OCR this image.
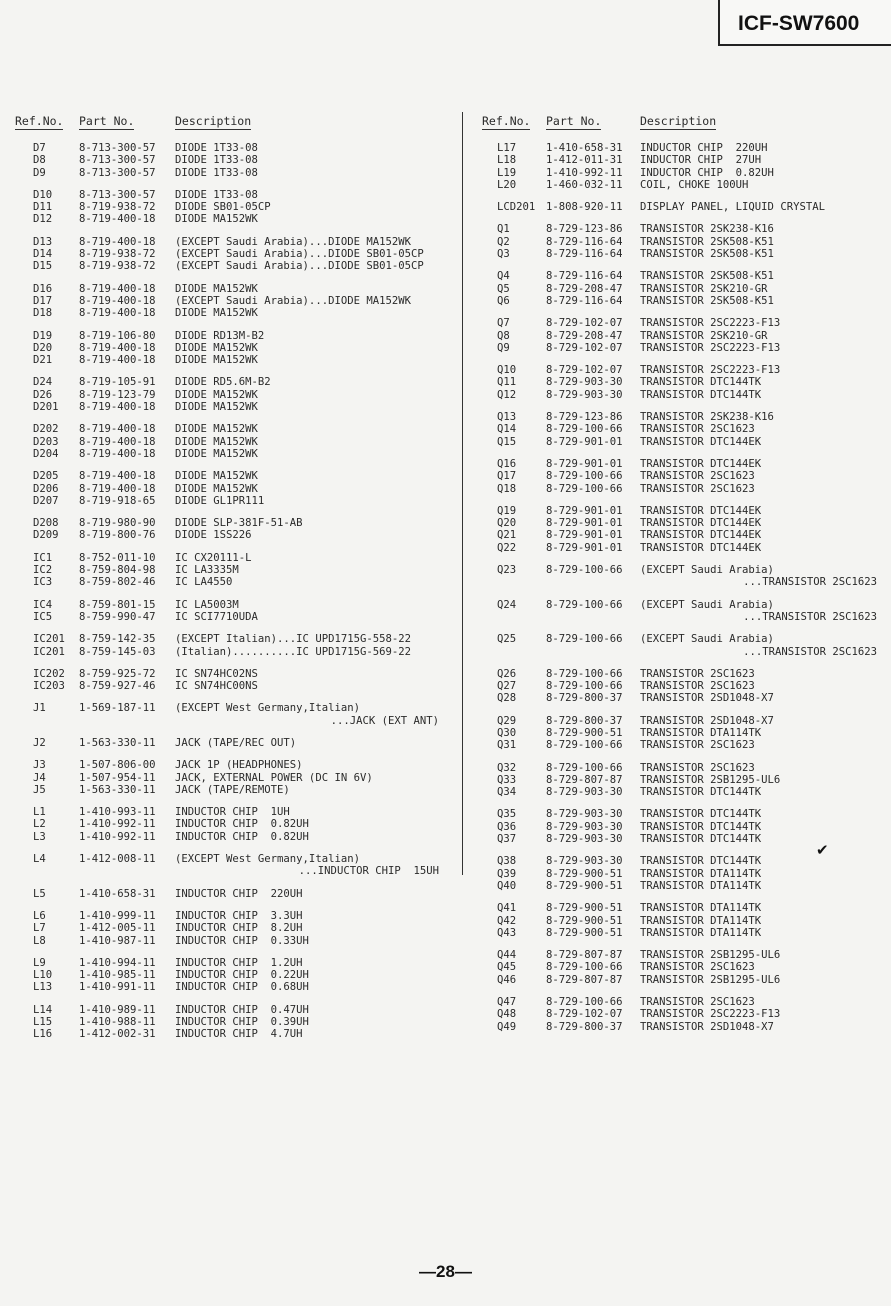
ICF-SW7600
Ref.No. Part No.	Description
D7	8-713-300-57 DIODE 1T33-08
D8	8-713-300-57 DIODE 1T33-08
D9	8-713-300-57 DIODE 1T33-08
D10	8-713-300-57 DIODE 1T33-08
D11	8-719-938-72 DIODE SB01-05CP
D12	8-719-400-18 DIODE MA152WK
D13	8-719-400-18 (EXCEPT Saudi Arabia)...DIODE MA152WK
D14	8-719-938-72 (EXCEPT Saudi Arabia)...DIODE SB01-05CP
D15	8-719-938-72 (EXCEPT Saudi Arabia)...DIODE SB01-05CP
D16	8-719-400-18 DIODE MA152WK
D17	8-719-400-18 (EXCEPT Saudi Arabia)...DIODE MA152WK
D18	8-719-400-18 DIODE MA152WK
D19	8-719-106-80 DIODE RD13M-B2
D20	8-719-400-18 DIODE MA152WK
D21	8-719-400-18 DIODE MA152WK
D24	8-719-105-91 DIODE RD5.6M-B2
D26	8-719-123-79 DIODE MA152WK
D201 8-719-400-18 DIODE MA152WK
D202 8-719-400-18 DIODE MA152WK
D203 8-719-400-18 DIODE MA152WK
D204 8-719-400-18 DIODE MA152WK
D205 8-719-400-18 DIODE MA152WK
D206 8-719-400-18 DIODE MA152WK
D207 8-719-918-65 DIODE GL1PR111
D208 8-719-980-90 DIODE SLP-381F-51-AB
D209 8-719-800-76 DIODE 1SS226
IC1	8-752-011-10 IC CX20111-L
IC2	8-759-804-98 IC LA3335M
IC3	8-759-802-46 IC LA4550
IC4	8-759-801-15 IC LA5003M
IC5	8-759-990-47 IC SCI7710UDA
IC201 8-759-142-35 (EXCEPT Italian)...IC UPD1715G-558-22
IC201 8-759-145-03 (Italian)..........IC UPD1715G-569-22
IC202 8-759-925-72 IC SN74HC02NS
IC203 8-759-927-46 IC SN74HC00NS
J1	1-569-187-11 (EXCEPT West Germany,Italian)
...JACK (EXT ANT)
J2	1-563-330-11 JACK (TAPE/REC OUT)
J3	1-507-806-00 JACK 1P (HEADPHONES)
J4	1-507-954-11 JACK, EXTERNAL POWER (DC IN 6V)
J5	1-563-330-11 JACK (TAPE/REMOTE)
L1	1-410-993-11 INDUCTOR CHIP  1UH
L2	1-410-992-11 INDUCTOR CHIP  0.82UH
L3	1-410-992-11 INDUCTOR CHIP  0.82UH
L4	1-412-008-11 (EXCEPT West Germany,Italian)
...INDUCTOR CHIP  15UH
L5	1-410-658-31 INDUCTOR CHIP  220UH
L6	1-410-999-11 INDUCTOR CHIP  3.3UH
L7	1-412-005-11 INDUCTOR CHIP  8.2UH
L8	1-410-987-11 INDUCTOR CHIP  0.33UH
L9	1-410-994-11 INDUCTOR CHIP  1.2UH
L10	1-410-985-11 INDUCTOR CHIP  0.22UH
L13	1-410-991-11 INDUCTOR CHIP  0.68UH
L14	1-410-989-11 INDUCTOR CHIP  0.47UH
L15	1-410-988-11 INDUCTOR CHIP  0.39UH
L16	1-412-002-31 INDUCTOR CHIP  4.7UH
Ref.No. Part No.	Description
L17	1-410-658-31 INDUCTOR CHIP  220UH
L18	1-412-011-31 INDUCTOR CHIP  27UH
L19	1-410-992-11 INDUCTOR CHIP  0.82UH
L20	1-460-032-11 COIL, CHOKE 100UH
LCD201 1-808-920-11 DISPLAY PANEL, LIQUID CRYSTAL
Q1	8-729-123-86 TRANSISTOR 2SK238-K16
Q2	8-729-116-64 TRANSISTOR 2SK508-K51
Q3	8-729-116-64 TRANSISTOR 2SK508-K51
Q4	8-729-116-64 TRANSISTOR 2SK508-K51
Q5	8-729-208-47 TRANSISTOR 2SK210-GR
Q6	8-729-116-64 TRANSISTOR 2SK508-K51
Q7	8-729-102-07 TRANSISTOR 2SC2223-F13
Q8	8-729-208-47 TRANSISTOR 2SK210-GR
Q9	8-729-102-07 TRANSISTOR 2SC2223-F13
Q10	8-729-102-07 TRANSISTOR 2SC2223-F13
Q11	8-729-903-30 TRANSISTOR DTC144TK
Q12	8-729-903-30 TRANSISTOR DTC144TK
Q13	8-729-123-86 TRANSISTOR 2SK238-K16
Q14	8-729-100-66 TRANSISTOR 2SC1623
Q15	8-729-901-01 TRANSISTOR DTC144EK
Q16	8-729-901-01 TRANSISTOR DTC144EK
Q17	8-729-100-66 TRANSISTOR 2SC1623
Q18	8-729-100-66 TRANSISTOR 2SC1623
Q19	8-729-901-01 TRANSISTOR DTC144EK
Q20	8-729-901-01 TRANSISTOR DTC144EK
Q21	8-729-901-01 TRANSISTOR DTC144EK
Q22	8-729-901-01 TRANSISTOR DTC144EK
Q23	8-729-100-66 (EXCEPT Saudi Arabia)
...TRANSISTOR 2SC1623
Q24	8-729-100-66 (EXCEPT Saudi Arabia)
...TRANSISTOR 2SC1623
Q25	8-729-100-66 (EXCEPT Saudi Arabia)
...TRANSISTOR 2SC1623
Q26	8-729-100-66 TRANSISTOR 2SC1623
Q27	8-729-100-66 TRANSISTOR 2SC1623
Q28	8-729-800-37 TRANSISTOR 2SD1048-X7
Q29	8-729-800-37 TRANSISTOR 2SD1048-X7
Q30	8-729-900-51 TRANSISTOR DTA114TK
Q31	8-729-100-66 TRANSISTOR 2SC1623
Q32	8-729-100-66 TRANSISTOR 2SC1623
Q33	8-729-807-87 TRANSISTOR 2SB1295-UL6
Q34	8-729-903-30 TRANSISTOR DTC144TK
Q35	8-729-903-30 TRANSISTOR DTC144TK
Q36	8-729-903-30 TRANSISTOR DTC144TK
Q37	8-729-903-30 TRANSISTOR DTC144TK
Q38	8-729-903-30 TRANSISTOR DTC144TK
Q39	8-729-900-51 TRANSISTOR DTA114TK
Q40	8-729-900-51 TRANSISTOR DTA114TK
Q41	8-729-900-51 TRANSISTOR DTA114TK
Q42	8-729-900-51 TRANSISTOR DTA114TK
Q43	8-729-900-51 TRANSISTOR DTA114TK
Q44	8-729-807-87 TRANSISTOR 2SB1295-UL6
Q45	8-729-100-66 TRANSISTOR 2SC1623
Q46	8-729-807-87 TRANSISTOR 2SB1295-UL6
Q47	8-729-100-66 TRANSISTOR 2SC1623
Q48	8-729-102-07 TRANSISTOR 2SC2223-F13
Q49	8-729-800-37 TRANSISTOR 2SD1048-X7
✔
—28—
